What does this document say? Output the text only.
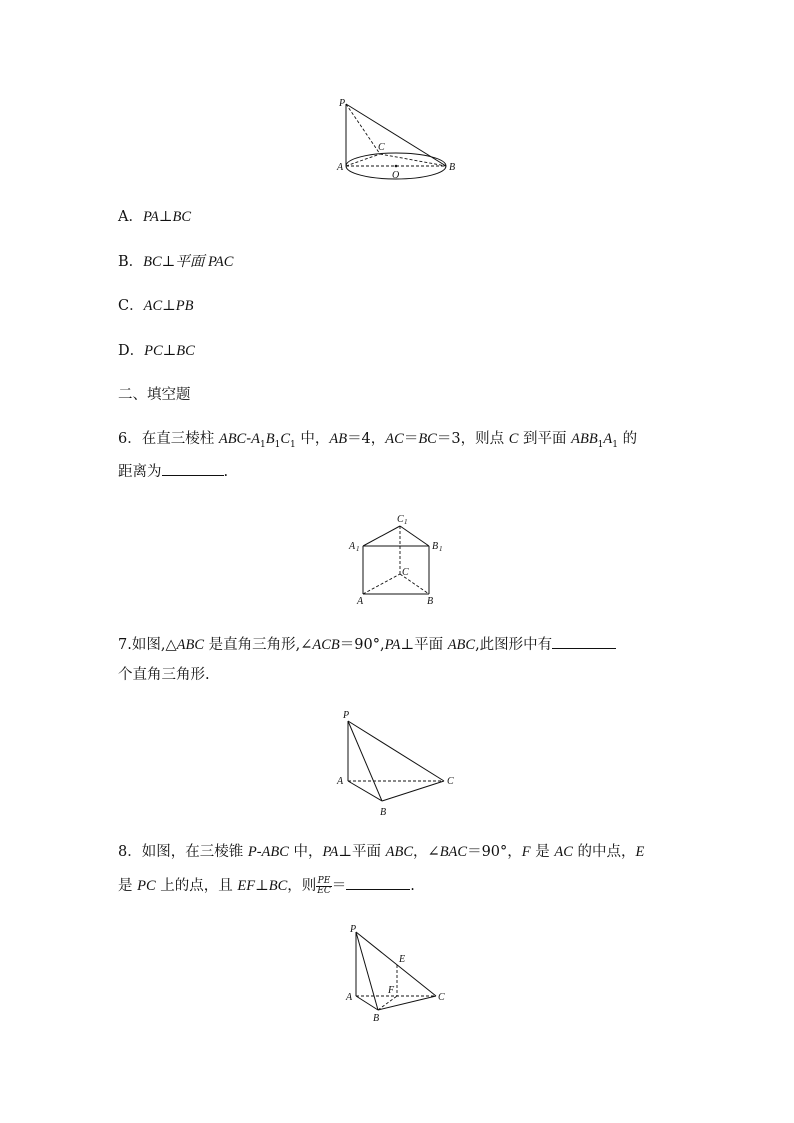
P
C
A
O
B
A．PA⊥BC
B．BC⊥平面 PAC
C．AC⊥PB
D．PC⊥BC
二、填空题
6．在直三棱柱 ABC-$A_1B_1C_1$ 中，AB＝4，AC＝BC＝3，则点 C 到平面 $ABB_1A_1$ 的
距离为	.
C 1
A 1	B 1
C
A	B
7.如图,△ABC 是直角三角形,∠ACB＝90°,PA⊥平面 ABC,此图形中有
个直角三角形.
P
A	C
B
8．如图，在三棱锥 P-ABC 中，PA⊥平面 ABC，∠BAC＝90°，F 是 AC 的中点，E
是 PC 上的点，且 EF⊥BC，则 $\frac{PE}{EC}$ ＝	.
P
E
F
A	C
B
